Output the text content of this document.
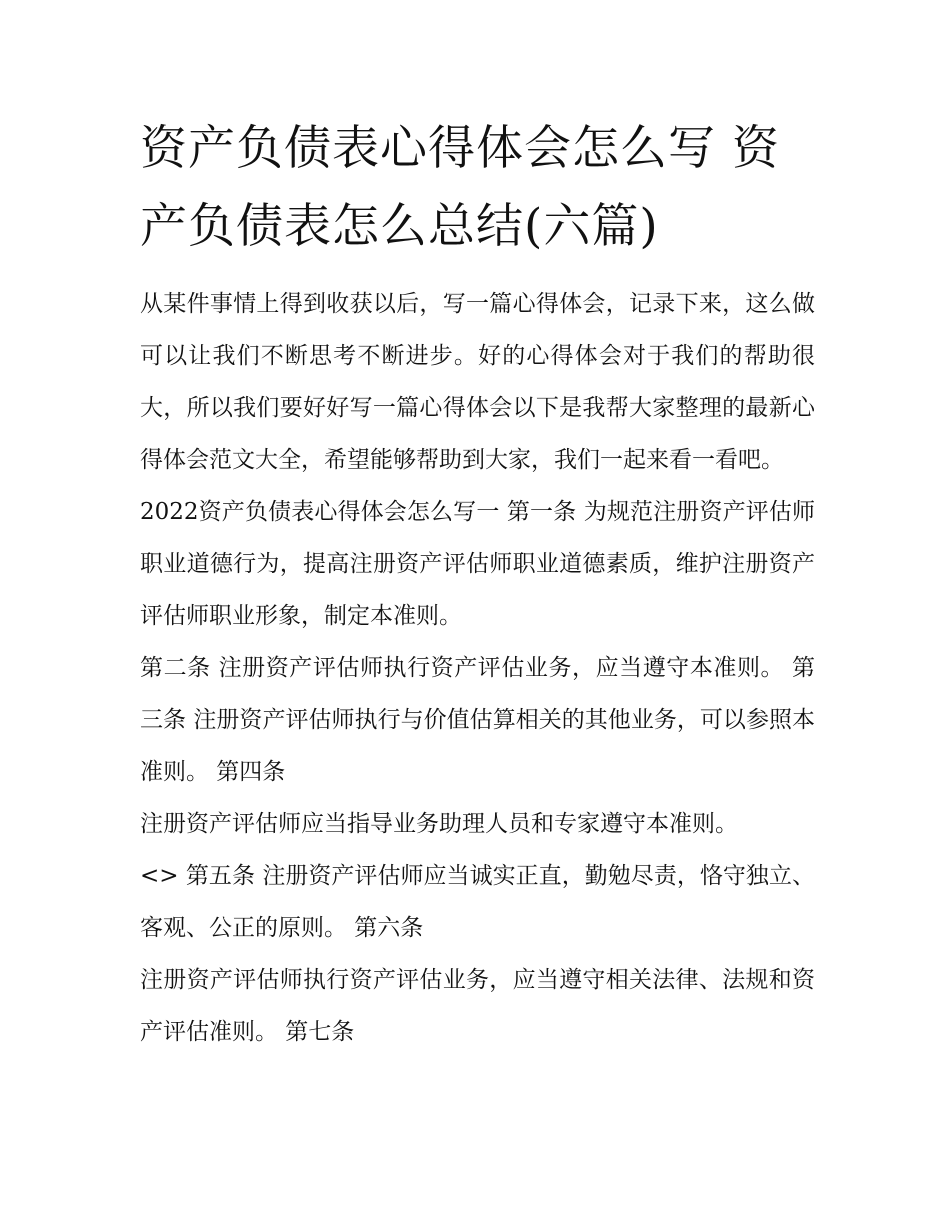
资产负债表心得体会怎么写 资产负债表怎么总结(六篇)

从某件事情上得到收获以后，写一篇心得体会，记录下来，这么做可以让我们不断思考不断进步。好的心得体会对于我们的帮助很大，所以我们要好好写一篇心得体会以下是我帮大家整理的最新心得体会范文大全，希望能够帮助到大家，我们一起来看一看吧。

2022资产负债表心得体会怎么写一 第一条 为规范注册资产评估师职业道德行为，提高注册资产评估师职业道德素质，维护注册资产评估师职业形象，制定本准则。

第二条 注册资产评估师执行资产评估业务，应当遵守本准则。 第三条 注册资产评估师执行与价值估算相关的其他业务，可以参照本准则。 第四条

注册资产评估师应当指导业务助理人员和专家遵守本准则。

<> 第五条 注册资产评估师应当诚实正直，勤勉尽责，恪守独立、客观、公正的原则。 第六条

注册资产评估师执行资产评估业务，应当遵守相关法律、法规和资产评估准则。 第七条
